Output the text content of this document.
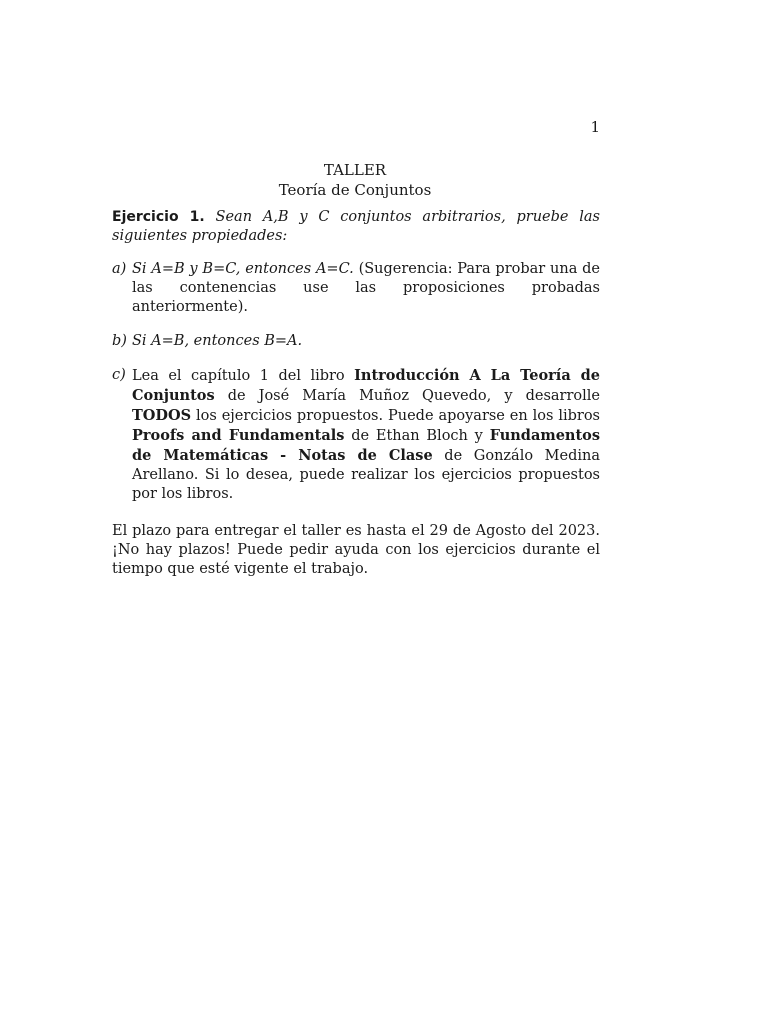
1
TALLER
Teoría de Conjuntos

Ejercicio 1. Sean A,B y C conjuntos arbitrarios, pruebe las siguientes propiedades:

a) Si A=B y B=C, entonces A=C. (Sugerencia: Para probar una de las contenencias use las proposiciones probadas anteriormente).
b) Si A=B, entonces B=A.
c) Lea el capítulo 1 del libro Introducción A La Teoría de Conjuntos de José María Muñoz Quevedo, y desarrolle TODOS los ejercicios propuestos. Puede apoyarse en los libros Proofs and Fundamentals de Ethan Bloch y Fundamentos de Matemáticas - Notas de Clase de Gonzálo Medina Arellano. Si lo desea, puede realizar los ejercicios propuestos por los libros.

El plazo para entregar el taller es hasta el 29 de Agosto del 2023. ¡No hay plazos! Puede pedir ayuda con los ejercicios durante el tiempo que esté vigente el trabajo.
